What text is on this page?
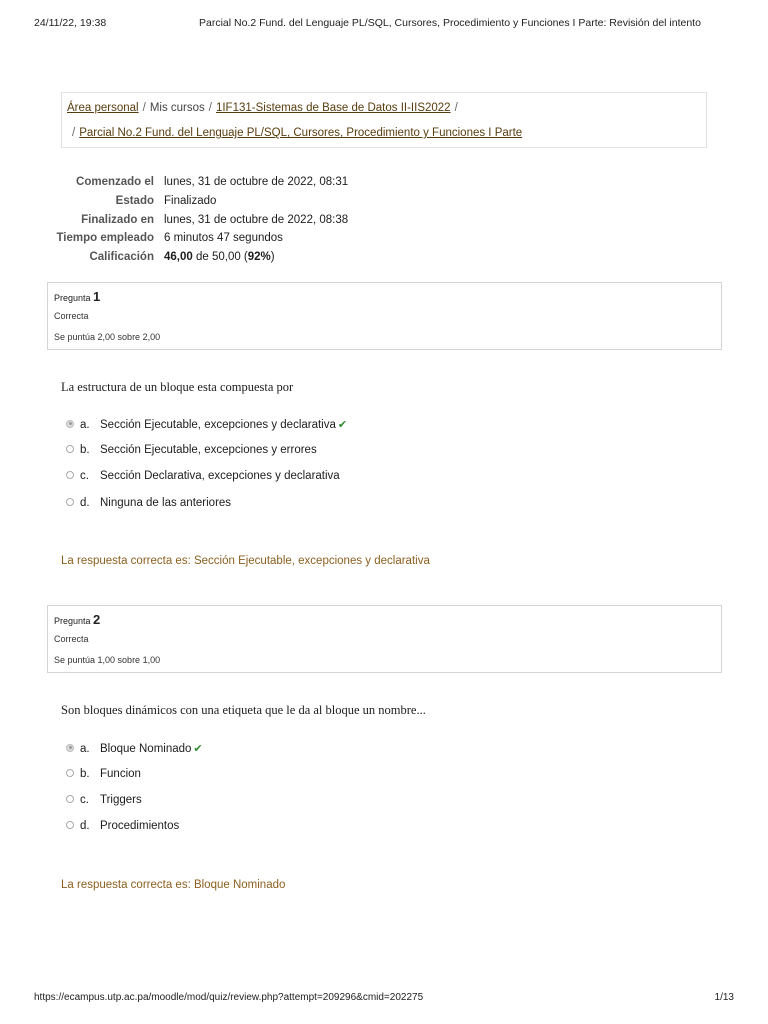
24/11/22, 19:38	Parcial No.2 Fund. del Lenguaje PL/SQL, Cursores, Procedimiento y Funciones I Parte: Revisión del intento
Área personal / Mis cursos / 1IF131-Sistemas de Base de Datos II-IIS2022 /
/ Parcial No.2 Fund. del Lenguaje PL/SQL, Cursores, Procedimiento y Funciones I Parte
Comenzado el lunes, 31 de octubre de 2022, 08:31
Estado Finalizado
Finalizado en lunes, 31 de octubre de 2022, 08:38
Tiempo empleado 6 minutos 47 segundos
Calificación 46,00 de 50,00 (92%)
Pregunta 1
Correcta
Se puntúa 2,00 sobre 2,00
La estructura de un bloque esta compuesta por
a. Sección Ejecutable, excepciones y declarativa ✔
b. Sección Ejecutable, excepciones y errores
c. Sección Declarativa, excepciones y declarativa
d. Ninguna de las anteriores
La respuesta correcta es: Sección Ejecutable, excepciones y declarativa
Pregunta 2
Correcta
Se puntúa 1,00 sobre 1,00
Son bloques dinámicos con una etiqueta que le da al bloque un nombre...
a. Bloque Nominado ✔
b. Funcion
c. Triggers
d. Procedimientos
La respuesta correcta es: Bloque Nominado
https://ecampus.utp.ac.pa/moodle/mod/quiz/review.php?attempt=209296&cmid=202275	1/13
